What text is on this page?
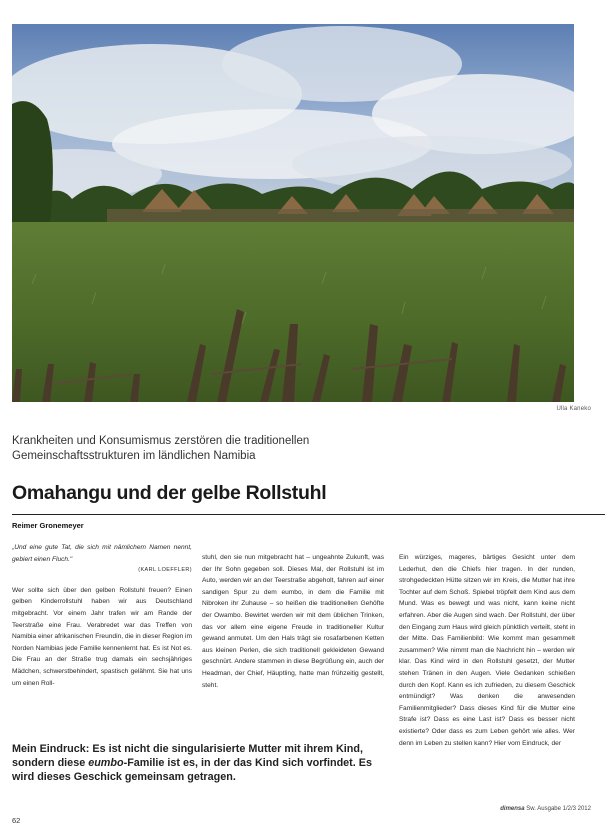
Ulla Kaneko
Krankheiten und Konsumismus zerstören die traditionellen Gemeinschaftsstrukturen im ländlichen Namibia
Omahangu und der gelbe Rollstuhl

Reimer Gronemeyer

„Und eine gute Tat, die sich mit nämlichem Namen nennt, gebiert einen Fluch."

(KARL LOEFFLER)

Wer sollte sich über den gelben Rollstuhl freuen? Einen gelben Kinderrollstuhl haben wir aus Deutschland mitgebracht. Vor einem Jahr trafen wir am Rande der Teerstraße eine Frau. Verabredet war das Treffen von Namibia einer afrikanischen Freundin, die in dieser Region im Norden Namibias jede Familie kennenlernt hat. Es ist Not es. Die Frau an der Straße trug damals ein sechsjähriges Mädchen, schwerstbehindert, spastisch gelähmt. Sie hat uns um einen Roll-

stuhl, den sie nun mitgebracht hat – ungeahnte Zukunft, was der Ihr Sohn gegeben soll. Dieses Mal, der Rollstuhl ist im Auto, werden wir an der Teerstraße abgeholt, fahren auf einer sandigen Spur zu dem eumbo, in dem die Familie mit Nibroken ihr Zuhause – so heißen die traditionellen Gehöfte der Owambo. Bewirtet werden wir mit dem üblichen Trinken, das vor allem eine eigene Freude in traditioneller Kultur gewand anmutet. Um den Hals trägt sie rosafarbenen Ketten aus kleinen Perlen, die sich traditionell gekleideten Gewand geschnürt. Andere stammen in diese Begrüßung ein, auch der Headman, der Chief, Häuptling, hatte man frühzeitig gestellt, steht.

Ein würziges, mageres, bärtiges Gesicht unter dem Lederhut, den die Chiefs hier tragen. In der runden, strohgedeckten Hütte sitzen wir im Kreis, die Mutter hat ihre Tochter auf dem Schoß. Spiebel tröpfelt dem Kind aus dem Mund. Was es bewegt und was nicht, kann keine nicht erfahren. Aber die Augen sind wach. Der Rollstuhl, der über den Eingang zum Haus wird gleich pünktlich verteilt, steht in der Mitte. Das Familienbild: Wie kommt man gesammelt zusammen? Wie nimmt man die Nachricht hin – werden wir klar. Das Kind wird in den Rollstuhl gesetzt, der Mutter stehen Tränen in den Augen. Viele Gedanken schießen durch den Kopf. Kann es ich zufrieden, zu diesem Geschick entmündigt? Was denken die anwesenden Familienmitglieder? Dass dieses Kind für die Mutter eine Strafe ist? Dass es eine Last ist? Dass es besser nicht existierte? Oder dass es zum Leben gehört wie alles. Wer denn im Leben zu stellen kann? Hier vom Eindruck, der

Mein Eindruck: Es ist nicht die singularisierte Mutter mit ihrem Kind, sondern diese eumbo-Familie ist es, in der das Kind sich vorfindet. Es wird dieses Geschick gemeinsam getragen.
62
dimensa Sw. Ausgabe 1/2/3 2012
